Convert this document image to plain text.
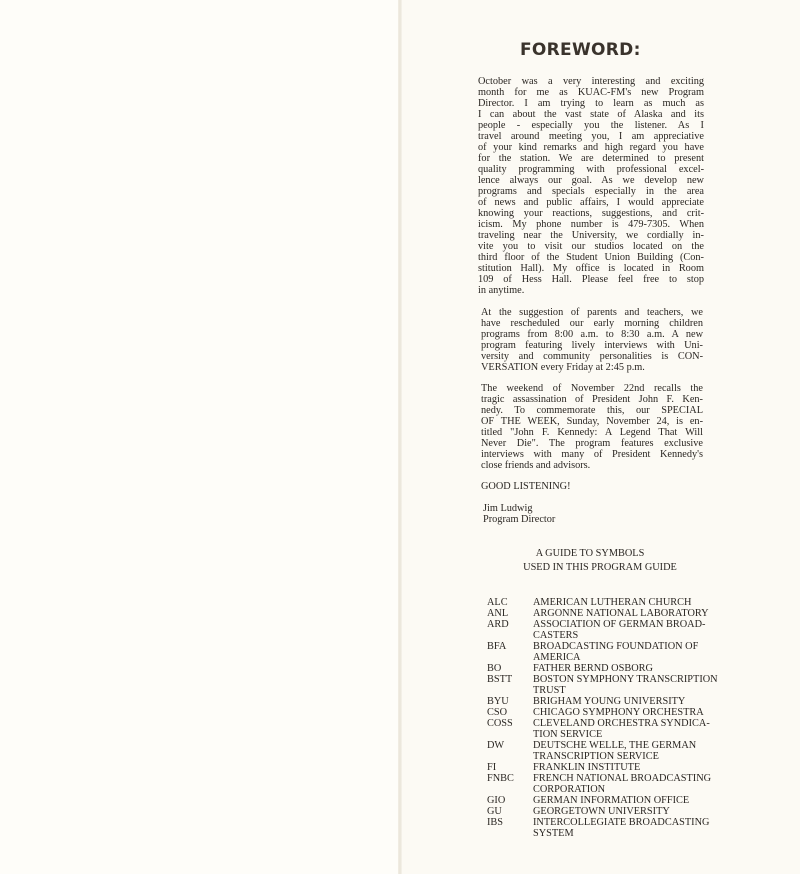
FOREWORD:
October was a very interesting and exciting
month for me as KUAC-FM's new Program
Director. I am trying to learn as much as
I can about the vast state of Alaska and its
people - especially you the listener. As I
travel around meeting you, I am appreciative
of your kind remarks and high regard you have
for the station. We are determined to present
quality programming with professional excel-
lence always our goal. As we develop new
programs and specials especially in the area
of news and public affairs, I would appreciate
knowing your reactions, suggestions, and crit-
icism. My phone number is 479-7305. When
traveling near the University, we cordially in-
vite you to visit our studios located on the
third floor of the Student Union Building (Con-
stitution Hall). My office is located in Room
109 of Hess Hall. Please feel free to stop
in anytime.
At the suggestion of parents and teachers, we
have rescheduled our early morning children
programs from 8:00 a.m. to 8:30 a.m. A new
program featuring lively interviews with Uni-
versity and community personalities is CON-
VERSATION every Friday at 2:45 p.m.
The weekend of November 22nd recalls the
tragic assassination of President John F. Ken-
nedy. To commemorate this, our SPECIAL
OF THE WEEK, Sunday, November 24, is en-
titled "John F. Kennedy: A Legend That Will
Never Die". The program features exclusive
interviews with many of President Kennedy's
close friends and advisors.
GOOD LISTENING!
Jim Ludwig
Program Director
A GUIDE TO SYMBOLS
USED IN THIS PROGRAM GUIDE
ALC	AMERICAN LUTHERAN CHURCH
ANL	ARGONNE NATIONAL LABORATORY
ARD	ASSOCIATION OF GERMAN BROAD-
CASTERS
BFA	BROADCASTING FOUNDATION OF
AMERICA
BO	FATHER BERND OSBORG
BSTT	BOSTON SYMPHONY TRANSCRIPTION
TRUST
BYU	BRIGHAM YOUNG UNIVERSITY
CSO	CHICAGO SYMPHONY ORCHESTRA
COSS	CLEVELAND ORCHESTRA SYNDICA-
TION SERVICE
DW	DEUTSCHE WELLE, THE GERMAN
TRANSCRIPTION SERVICE
FI	FRANKLIN INSTITUTE
FNBC	FRENCH NATIONAL BROADCASTING
CORPORATION
GIO	GERMAN INFORMATION OFFICE
GU	GEORGETOWN UNIVERSITY
IBS	INTERCOLLEGIATE BROADCASTING
SYSTEM
